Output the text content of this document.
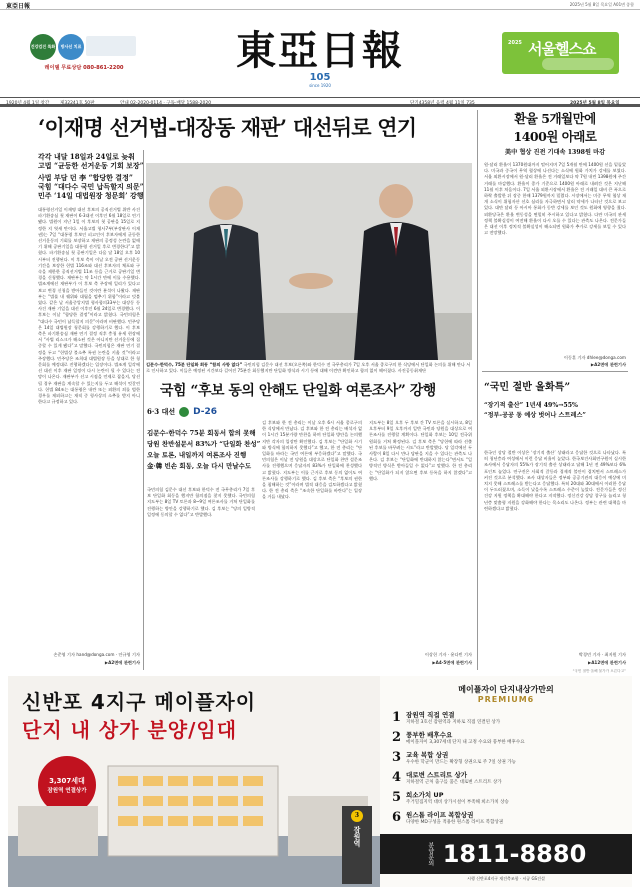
東亞日報	2025년 5월 8일 목요일 A01면 종합
건강검진 특화	방사선 치료
레이델 무료상담 080-861-2200	東亞日報
105
since 1920
2025 서울헬스쇼
1920년 4월 1일 창간 제32241호 50판	안내 02-2020-0114 · 구독·배달 1588-2020	단기4358년 음력 4월 11일 735	2025년 5월 8일 목요일
‘이재명 선거법-대장동 재판’ 대선뒤로 연기
각각 내달 18일과 24일로 늦춰
고법 “균등한 선거운동 기회 보장”
사법 부담 던 李 “합당한 결정”
국힘 “대다수 국민 납득할지 의문”
민주 ‘14일 대법원장 청문회’ 강행
대통령선거일 이재명 대선 후보의 공직선거법 위반 사건 파기환송심 첫 재판이 6·3대선 이후인 6월 18일로 연기됐다. 법원이 지난 1일 이 후보의 첫 공판을 15일로 지정한 지 엿새 만이다. 서울고법 형사7부(부장판사 이재권)는 7일 “대통령 후보인 피고인이 후보자에게 균등한 선거운동의 기회를 보장하고 재판의 공정성 논란을 없애기 위해 공판기일을 대통령 선거일 후로 변경한다”고 밝혔다. 파기환송심 첫 공판기일은 다음 달 18일 오후 10시부터 진행된다. 이 후보 측이 이날 오전 공판 선거운동 기간을 보장한 헌법 116조와 대선 후보자의 체포와 구속을 제한한 공직선거법 11조 등을 근거로 공판기일 변경을 신청했다. 재판부는 약 1시간 만에 이를 수용했다. 법조계에선 재판부가 이 후보 측 주장에 일리가 있다고 보고 변경 신청을 받아들인 것이란 분석이 나왔다. 재판부는 “법률 내 궤위와 대립을 멈추기 위함”이라고 덧붙였다. 같은 날 서울중앙지법 형사합의33부는 대장동 등 사건 재판 기일을 대선 이후인 6월 24일로 변경했다. 이 후보는 이날 “합당한 결정”이라고 밝혔다. 국민의힘은 “대다수 국민이 납득할지 의문”이라며 비판했다. 민주당은 14일 대법원장 청문회를 강행하기로 했다. 이 후보 측은 파기환송심 재판 연기 결정 직후 충청 유세 현장에서 “사법 리스크가 해소된 것은 아니지만 선거운동에 집중할 수 있게 됐다”고 말했다. 국민의힘은 재판 연기 결정을 두고 “헌법상 불소추 특권 논란을 키울 것”이라고 주장했다. 민주당은 조희대 대법원장 등을 상대로 한 청문회를 예정대로 진행하겠다는 입장이다. 법조계 일각에선 대선 이후 재판 일정이 다시 논란이 될 수 있다는 전망이 나온다. 재판부가 선고 시점을 언제로 잡을지, 당선될 경우 재판을 계속할 수 있는지를 두고 해석이 엇갈린다. 헌법 84조는 대통령은 내란 또는 외환의 죄를 범한 경우를 제외하고는 재직 중 형사상의 소추를 받지 아니한다고 규정하고 있다.
손준영 기자 hand@donga.com · 안규영 기자
▶A2면에 관련기사
김문수-한덕수, 75분 단일화 회동 “합의 사항 없다” 국민의힘 김문수 대선 후보(오른쪽)와 한덕수 전 국무총리가 7일 오후 서울 종로구의 한 식당에서 단일화 논의를 위해 만나 서로 인사하고 있다. 이들은 예정된 시간보다 길어진 75분간 회동했지만 단일화 방식과 시기 등에 대해 이견만 확인하고 합의 없이 헤어졌다. 사진공동취재단
국힘 “후보 동의 안해도 단일화 여론조사” 강행
6·3 대선 D-26
김문수-한덕수 75분 회동서 합의 못해
당원 찬반설문서 83%가 “단일화 찬성”
오늘 토론, 내일까지 여론조사 진행
金·韓 빈손 회동, 오늘 다시 만날수도
국민의힘 김문수 대선 후보와 한덕수 전 국무총리가 7일 후보 단일화 회동을 했지만 합의점을 찾지 못했다. 국민의힘 지도부는 8일 TV 토론과 8~9일 여론조사를 거쳐 단일화를 진행하는 방안을 강행하기로 했다. 김 후보는 “당의 일방적 일정에 동의할 수 없다”고 반발했다.
김 후보와 한 전 총리는 이날 오후 6시 서울 종로구의 한 식당에서 만났다. 김 후보와 한 전 총리는 배석자 없이 1시간 15분가량 만찬을 하며 단일화 방안을 논의했지만 각자의 입장만 확인했다. 김 후보는 “단일화 시기와 방식에 합의하지 못했다”고 했고, 한 전 총리는 “단일화를 바라는 국민 여론에 부응하겠다”고 말했다. 국민의힘은 이날 전 당원을 대상으로 단일화 찬반 설문조사를 진행했으며 응답자의 83%가 단일화에 찬성했다고 밝혔다. 지도부는 이를 근거로 후보 동의 없이도 여론조사를 강행하기로 했다. 김 후보 측은 “후보의 권한을 침해하는 것”이라며 법적 대응을 검토하겠다고 밝혔다. 한 전 총리 측은 “조속한 단일화를 바란다”는 입장을 거듭 내놨다.
지도부는 8일 오후 두 후보 간 TV 토론을 실시하고, 8일 오후부터 9일 오후까지 일반 국민과 당원을 대상으로 여론조사를 진행할 계획이다. 단일화 후보는 10일 전국위원회를 거쳐 확정된다. 김 후보 측은 “당헌에 따라 선출된 후보를 바꾸려는 시도”라고 반발했다. 당 일각에선 두 사람이 8일 다시 만나 담판을 지을 수 있다는 관측도 나온다. 김 후보는 “단일화에 반대하지 않는다”면서도 “일방적인 방식은 받아들일 수 없다”고 말했다. 한 전 총리는 “단일화가 되지 않으면 후보 등록을 하지 않겠다”고 했다.
이상헌 기자 · 윤다빈 기자
▶A4·5면에 관련기사
환율 5개월만에
1400원 아래로
美中 협상 진전 기대속 1398원 마감
원-달러 환율이 1370원대까지 떨어지며 7일 5개월 만에 1400원 선을 밑돌았다. 미국과 중국이 무역 협상에 나선다는 소식에 원화 가치가 강세를 보였다. 서울 외환시장에서 원-달러 환율은 전 거래일보다 약 7원 내린 1398원에 주간 거래를 마감했다. 환율이 종가 기준으로 1400원 아래로 내려간 것은 지난해 11월 이후 처음이다. 7일 서울 외환시장에서 환율은 전 거래일 대비 큰 폭으로 하락 출발한 뒤 장중 한때 1379원까지 밀렸다. 시장에서는 미중 무역 협상 재개 소식이 위험자산 선호 심리를 자극하면서 달러 약세가 나타난 것으로 보고 있다. 대만 달러 등 아시아 통화가 동반 강세를 보인 것도 원화에 영향을 줬다. 외환당국은 환율 변동성을 면밀히 주시하고 있다고 밝혔다. 다만 미국의 관세 정책 불확실성이 여전해 환율이 다시 오를 수 있다는 관측도 나온다. 전문가들은 대선 이후 정치적 불확실성이 해소되면 원화가 추가로 강세를 보일 수 있다고 전망했다.
이동훈 기자 dhlee@donga.com
▶A2면에 관련기사
“국민 절반 올화특”
“장기적 출산” 1년새 49%→55%
“정부-공공 동 예상 벗어나 스트레스”
한국인 상당 절반 이상은 ‘장기적 출산’ 상태라고 응답한 것으로 나타났다. 특히 청년층과 여성에서 이런 응답 비율이 높았다. 한국보건사회연구원이 실시한 조사에서 응답자의 55%가 장기적 출산 상태라고 답해 1년 전 49%보다 6%포인트 늘었다. 연구진은 사회적 갈등과 경제적 불안이 겹치면서 스트레스가 커진 것으로 분석했다. 조사 대상자들은 정부와 공공기관의 대응이 예상에 미치지 못해 스트레스를 받는다고 응답했다. 특히 20대와 30대에서 이러한 응답이 두드러졌으며, 소득이 낮을수록 스트레스 수준이 높았다. 전문가들은 정신건강 지원 정책을 확대해야 한다고 지적했다. 정신건강 상담 창구를 늘리고 청년층 맞춤형 지원을 강화해야 한다는 목소리도 나온다. 정부는 관련 대책을 마련하겠다고 밝혔다.
박경민 기자 · 최지원 기자
▶A12면에 관련기사
“국민 절반 올해 물가가 오른다고”
신반포 4지구 메이플자이
단지 내 상가 분양/임대
3,307세대
잠원역 연결상가
3
잠원역
메이플자이 단지내상가만의
PREMIUM6
1 잠원역 직접 연결
지하철 3호선 잠원역과 지하로 직접 연결된 상가
2 풍부한 배후수요
메이플자이 3,307세대 단지 내 고정 수요와 풍부한 배후수요
3 교육 복합 상권
우수한 학군이 만드는 확장형 상권으로 주 7일 상권 가능
4 대로변 스트리트 상가
지하철역 근처 출구를 품은 대로변 스트리트 상가
5 희소가치 UP
주거밀집지역 대비 상가시설이 부족해 희소가치 상승
6 원스톱 라이프 복합상권
다양한 MD구성을 적용한 원스톱 라이프 복합상권
분양문의 1811-8880
시행 신반포4지구 재건축조합 · 시공 GS건설
